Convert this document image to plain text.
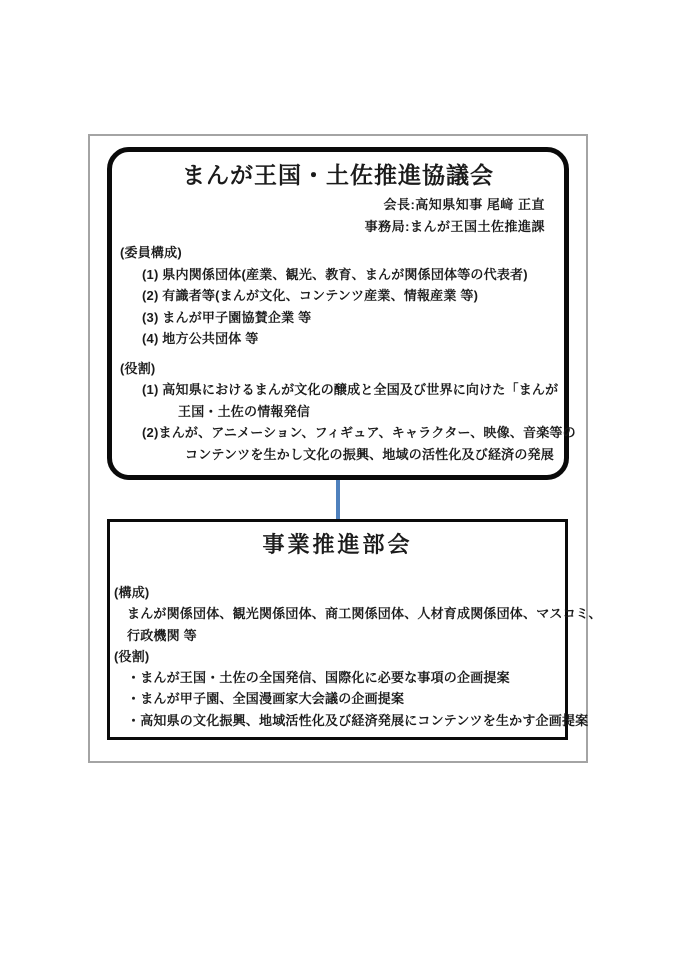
まんが王国・土佐推進協議会
会長:高知県知事 尾﨑 正直
事務局:まんが王国土佐推進課
(委員構成)
(1) 県内関係団体(産業、観光、教育、まんが関係団体等の代表者)
(2) 有識者等(まんが文化、コンテンツ産業、情報産業 等)
(3) まんが甲子園協賛企業 等
(4) 地方公共団体 等
(役割)
(1) 高知県におけるまんが文化の醸成と全国及び世界に向けた「まんが
王国・土佐の情報発信
(2)まんが、アニメーション、フィギュア、キャラクター、映像、音楽等の
コンテンツを生かし文化の振興、地域の活性化及び経済の発展
事業推進部会
(構成)
まんが関係団体、観光関係団体、商工関係団体、人材育成関係団体、マスコミ、
行政機関 等
(役割)
・まんが王国・土佐の全国発信、国際化に必要な事項の企画提案
・まんが甲子園、全国漫画家大会議の企画提案
・高知県の文化振興、地域活性化及び経済発展にコンテンツを生かす企画提案
